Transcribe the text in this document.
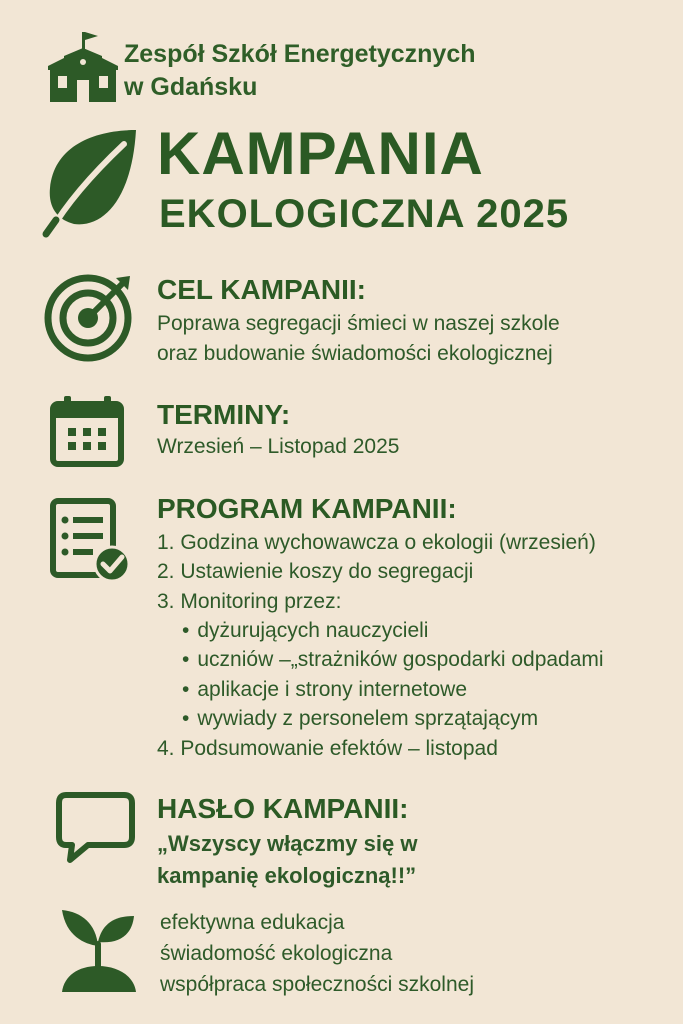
Zespół Szkół Energetycznych
w Gdańsku
KAMPANIA
EKOLOGICZNA 2025
CEL KAMPANII:
Poprawa segregacji śmieci w naszej szkole
oraz budowanie świadomości ekologicznej
TERMINY:
Wrzesień – Listopad 2025
PROGRAM KAMPANII:
1. Godzina wychowawcza o ekologii (wrzesień)
2. Ustawienie koszy do segregacji
3. Monitoring przez:
• dyżurujących nauczycieli
• uczniów –„strażników gospodarki odpadami
• aplikacje i strony internetowe
• wywiady z personelem sprzątającym
4. Podsumowanie efektów – listopad
HASŁO KAMPANII:
„Wszyscy włączmy się w
kampanię ekologiczną!!”
efektywna edukacja
świadomość ekologiczna
współpraca społeczności szkolnej
